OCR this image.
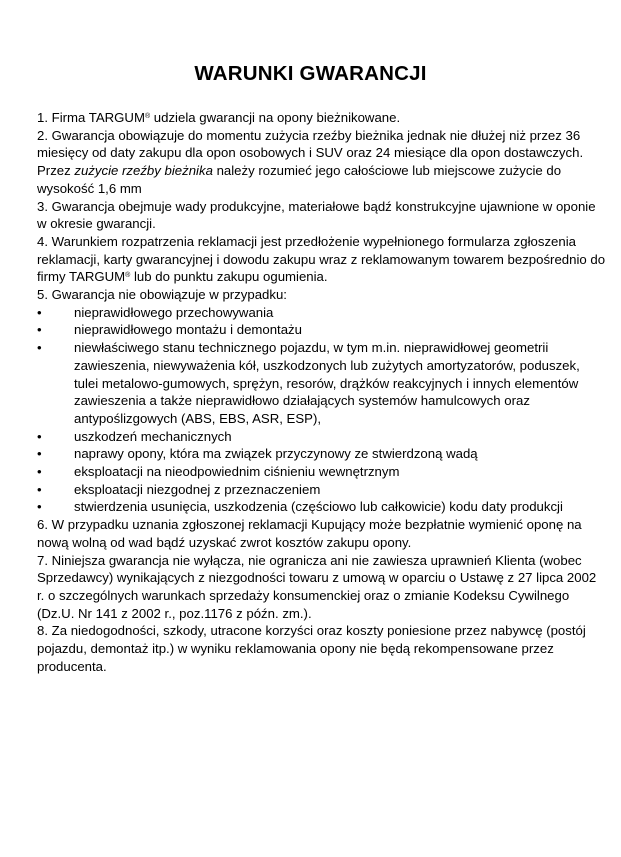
WARUNKI GWARANCJI

1. Firma TARGUM® udziela gwarancji na opony bieżnikowane.

2. Gwarancja obowiązuje do momentu zużycia rzeźby bieżnika jednak nie dłużej niż przez 36 miesięcy od daty zakupu dla opon osobowych i SUV oraz 24 miesiące dla opon dostawczych.

Przez zużycie rzeźby bieżnika należy rozumieć jego całościowe lub miejscowe zużycie do wysokość 1,6 mm

3. Gwarancja obejmuje wady produkcyjne, materiałowe bądź konstrukcyjne ujawnione w oponie w okresie gwarancji.

4. Warunkiem rozpatrzenia reklamacji jest przedłożenie wypełnionego formularza zgłoszenia reklamacji, karty gwarancyjnej i dowodu zakupu wraz z reklamowanym towarem bezpośrednio do firmy TARGUM® lub do punktu zakupu ogumienia.

5. Gwarancja nie obowiązuje w przypadku:

• nieprawidłowego przechowywania
• nieprawidłowego montażu i demontażu
• niewłaściwego stanu technicznego pojazdu, w tym m.in. nieprawidłowej geometrii zawieszenia, niewyważenia kół, uszkodzonych lub zużytych amortyzatorów, poduszek, tulei metalowo-gumowych, sprężyn, resorów, drążków reakcyjnych i innych elementów zawieszenia a także nieprawidłowo działających systemów hamulcowych oraz antypoślizgowych (ABS, EBS, ASR, ESP),
• uszkodzeń mechanicznych
• naprawy opony, która ma związek przyczynowy ze stwierdzoną wadą
• eksploatacji na nieodpowiednim ciśnieniu wewnętrznym
• eksploatacji niezgodnej z przeznaczeniem
• stwierdzenia usunięcia, uszkodzenia (częściowo lub całkowicie) kodu daty produkcji

6. W przypadku uznania zgłoszonej reklamacji Kupujący może bezpłatnie wymienić oponę na nową wolną od wad bądź uzyskać zwrot kosztów zakupu opony.

7. Niniejsza gwarancja nie wyłącza, nie ogranicza ani nie zawiesza uprawnień Klienta (wobec Sprzedawcy) wynikających z niezgodności towaru z umową w oparciu o Ustawę z 27 lipca 2002 r. o szczególnych warunkach sprzedaży konsumenckiej oraz o zmianie Kodeksu Cywilnego (Dz.U. Nr 141 z 2002 r., poz.1176 z późn. zm.).

8. Za niedogodności, szkody, utracone korzyści oraz koszty poniesione przez nabywcę (postój pojazdu, demontaż itp.) w wyniku reklamowania opony nie będą rekompensowane przez producenta.
